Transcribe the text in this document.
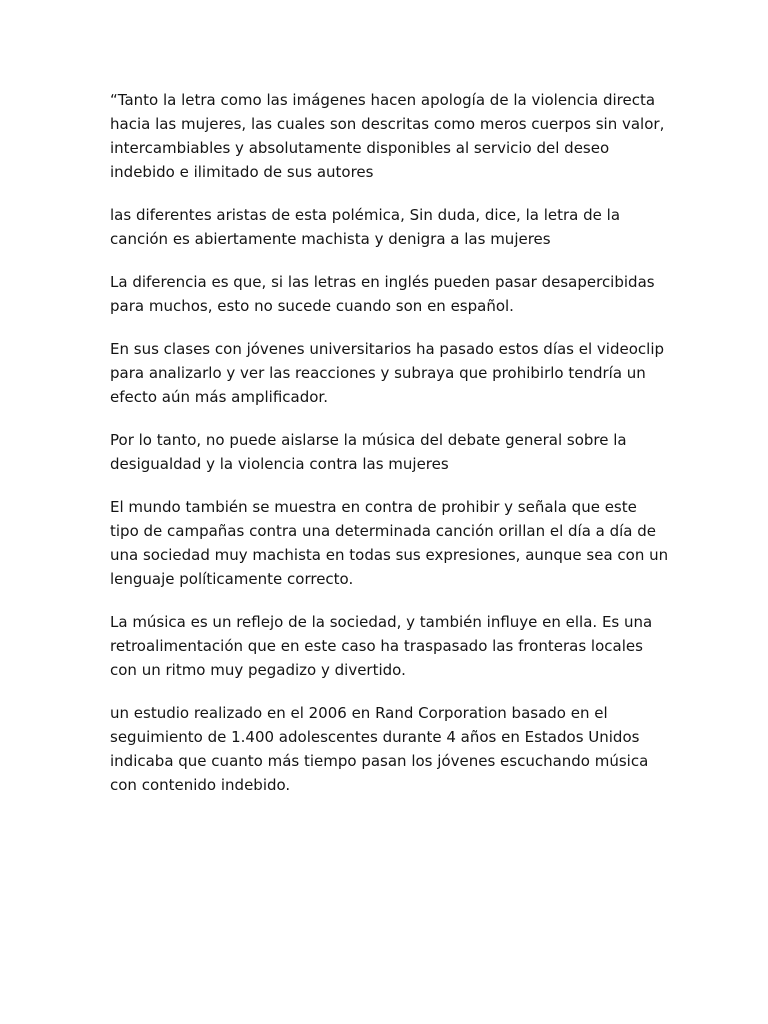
“Tanto la letra como las imágenes hacen apología de la violencia directa
hacia las mujeres, las cuales son descritas como meros cuerpos sin valor,
intercambiables y absolutamente disponibles al servicio del deseo
indebido e ilimitado de sus autores

las diferentes aristas de esta polémica, Sin duda, dice, la letra de la
canción es abiertamente machista y denigra a las mujeres

La diferencia es que, si las letras en inglés pueden pasar desapercibidas
para muchos, esto no sucede cuando son en español.

En sus clases con jóvenes universitarios ha pasado estos días el videoclip
para analizarlo y ver las reacciones y subraya que prohibirlo tendría un
efecto aún más amplificador.

Por lo tanto, no puede aislarse la música del debate general sobre la
desigualdad y la violencia contra las mujeres

El mundo también se muestra en contra de prohibir y señala que este
tipo de campañas contra una determinada canción orillan el día a día de
una sociedad muy machista en todas sus expresiones, aunque sea con un
lenguaje políticamente correcto.

La música es un reflejo de la sociedad, y también influye en ella. Es una
retroalimentación que en este caso ha traspasado las fronteras locales
con un ritmo muy pegadizo y divertido.

un estudio realizado en el 2006 en Rand Corporation basado en el
seguimiento de 1.400 adolescentes durante 4 años en Estados Unidos
indicaba que cuanto más tiempo pasan los jóvenes escuchando música
con contenido indebido.
